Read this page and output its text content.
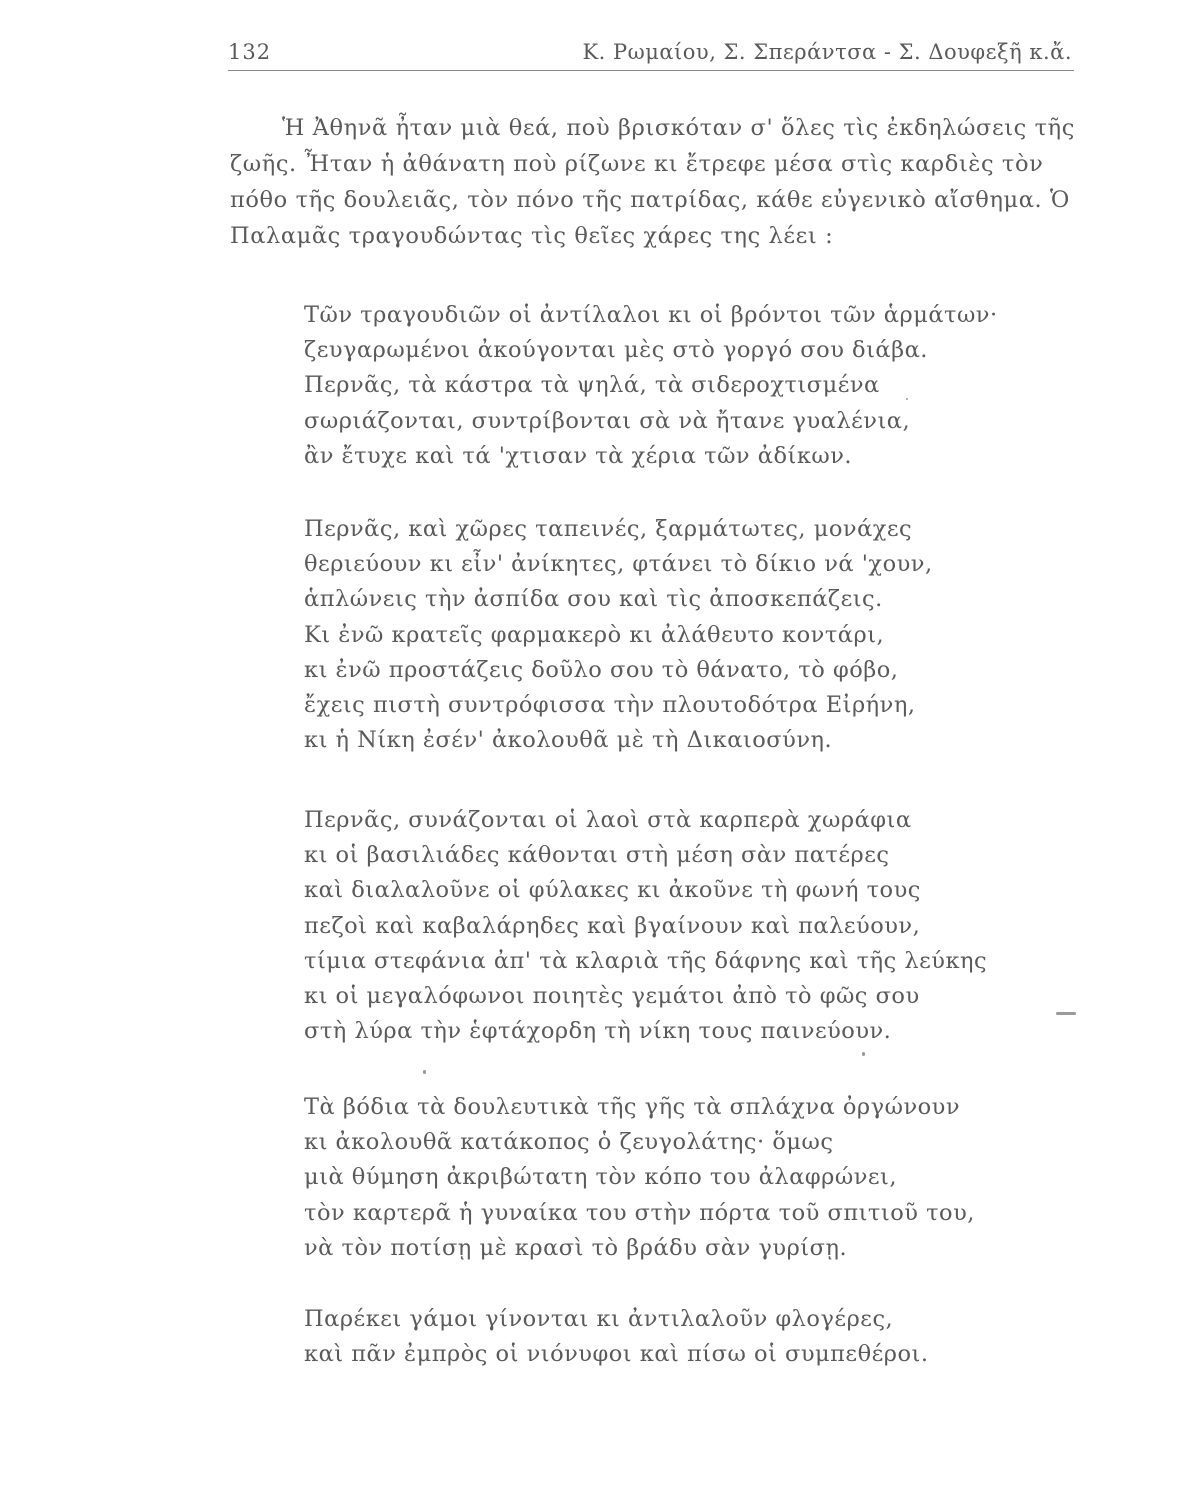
132	Κ. Ρωμαίου, Σ. Σπεράντσα - Σ. Δουφεξῆ κ.ἄ.
Ἡ Ἀθηνᾶ ἦταν μιὰ θεά, ποὺ βρισκόταν σ' ὅλες τὶς ἐκδηλώσεις τῆς
ζωῆς. Ἦταν ἡ ἀθάνατη ποὺ ρίζωνε κι ἔτρεφε μέσα στὶς καρδιὲς τὸν
πόθο τῆς δουλειᾶς, τὸν πόνο τῆς πατρίδας, κάθε εὐγενικὸ αἴσθημα. Ὁ
Παλαμᾶς τραγουδώντας τὶς θεῖες χάρες της λέει :
Τῶν τραγουδιῶν οἱ ἀντίλαλοι κι οἱ βρόντοι τῶν ἁρμάτων·
ζευγαρωμένοι ἀκούγονται μὲς στὸ γοργό σου διάβα.
Περνᾶς, τὰ κάστρα τὰ ψηλά, τὰ σιδεροχτισμένα
σωριάζονται, συντρίβονται σὰ νὰ ἤτανε γυαλένια,
ἂν ἔτυχε καὶ τά 'χτισαν τὰ χέρια τῶν ἀδίκων.
Περνᾶς, καὶ χῶρες ταπεινές, ξαρμάτωτες, μονάχες
θεριεύουν κι εἶν' ἀνίκητες, φτάνει τὸ δίκιο νά 'χουν,
ἁπλώνεις τὴν ἀσπίδα σου καὶ τὶς ἀποσκεπάζεις.
Κι ἐνῶ κρατεῖς φαρμακερὸ κι ἀλάθευτο κοντάρι,
κι ἐνῶ προστάζεις δοῦλο σου τὸ θάνατο, τὸ φόβο,
ἔχεις πιστὴ συντρόφισσα τὴν πλουτοδότρα Εἰρήνη,
κι ἡ Νίκη ἐσέν' ἀκολουθᾶ μὲ τὴ Δικαιοσύνη.
Περνᾶς, συνάζονται οἱ λαοὶ στὰ καρπερὰ χωράφια
κι οἱ βασιλιάδες κάθονται στὴ μέση σὰν πατέρες
καὶ διαλαλοῦνε οἱ φύλακες κι ἀκοῦνε τὴ φωνή τους
πεζοὶ καὶ καβαλάρηδες καὶ βγαίνουν καὶ παλεύουν,
τίμια στεφάνια ἀπ' τὰ κλαριὰ τῆς δάφνης καὶ τῆς λεύκης
κι οἱ μεγαλόφωνοι ποιητὲς γεμάτοι ἀπὸ τὸ φῶς σου
στὴ λύρα τὴν ἑφτάχορδη τὴ νίκη τους παινεύουν.
Τὰ βόδια τὰ δουλευτικὰ τῆς γῆς τὰ σπλάχνα ὀργώνουν
κι ἀκολουθᾶ κατάκοπος ὁ ζευγολάτης· ὅμως
μιὰ θύμηση ἀκριβώτατη τὸν κόπο του ἀλαφρώνει,
τὸν καρτερᾶ ἡ γυναίκα του στὴν πόρτα τοῦ σπιτιοῦ του,
νὰ τὸν ποτίσῃ μὲ κρασὶ τὸ βράδυ σὰν γυρίσῃ.
Παρέκει γάμοι γίνονται κι ἀντιλαλοῦν φλογέρες,
καὶ πᾶν ἐμπρὸς οἱ νιόνυφοι καὶ πίσω οἱ συμπεθέροι.
